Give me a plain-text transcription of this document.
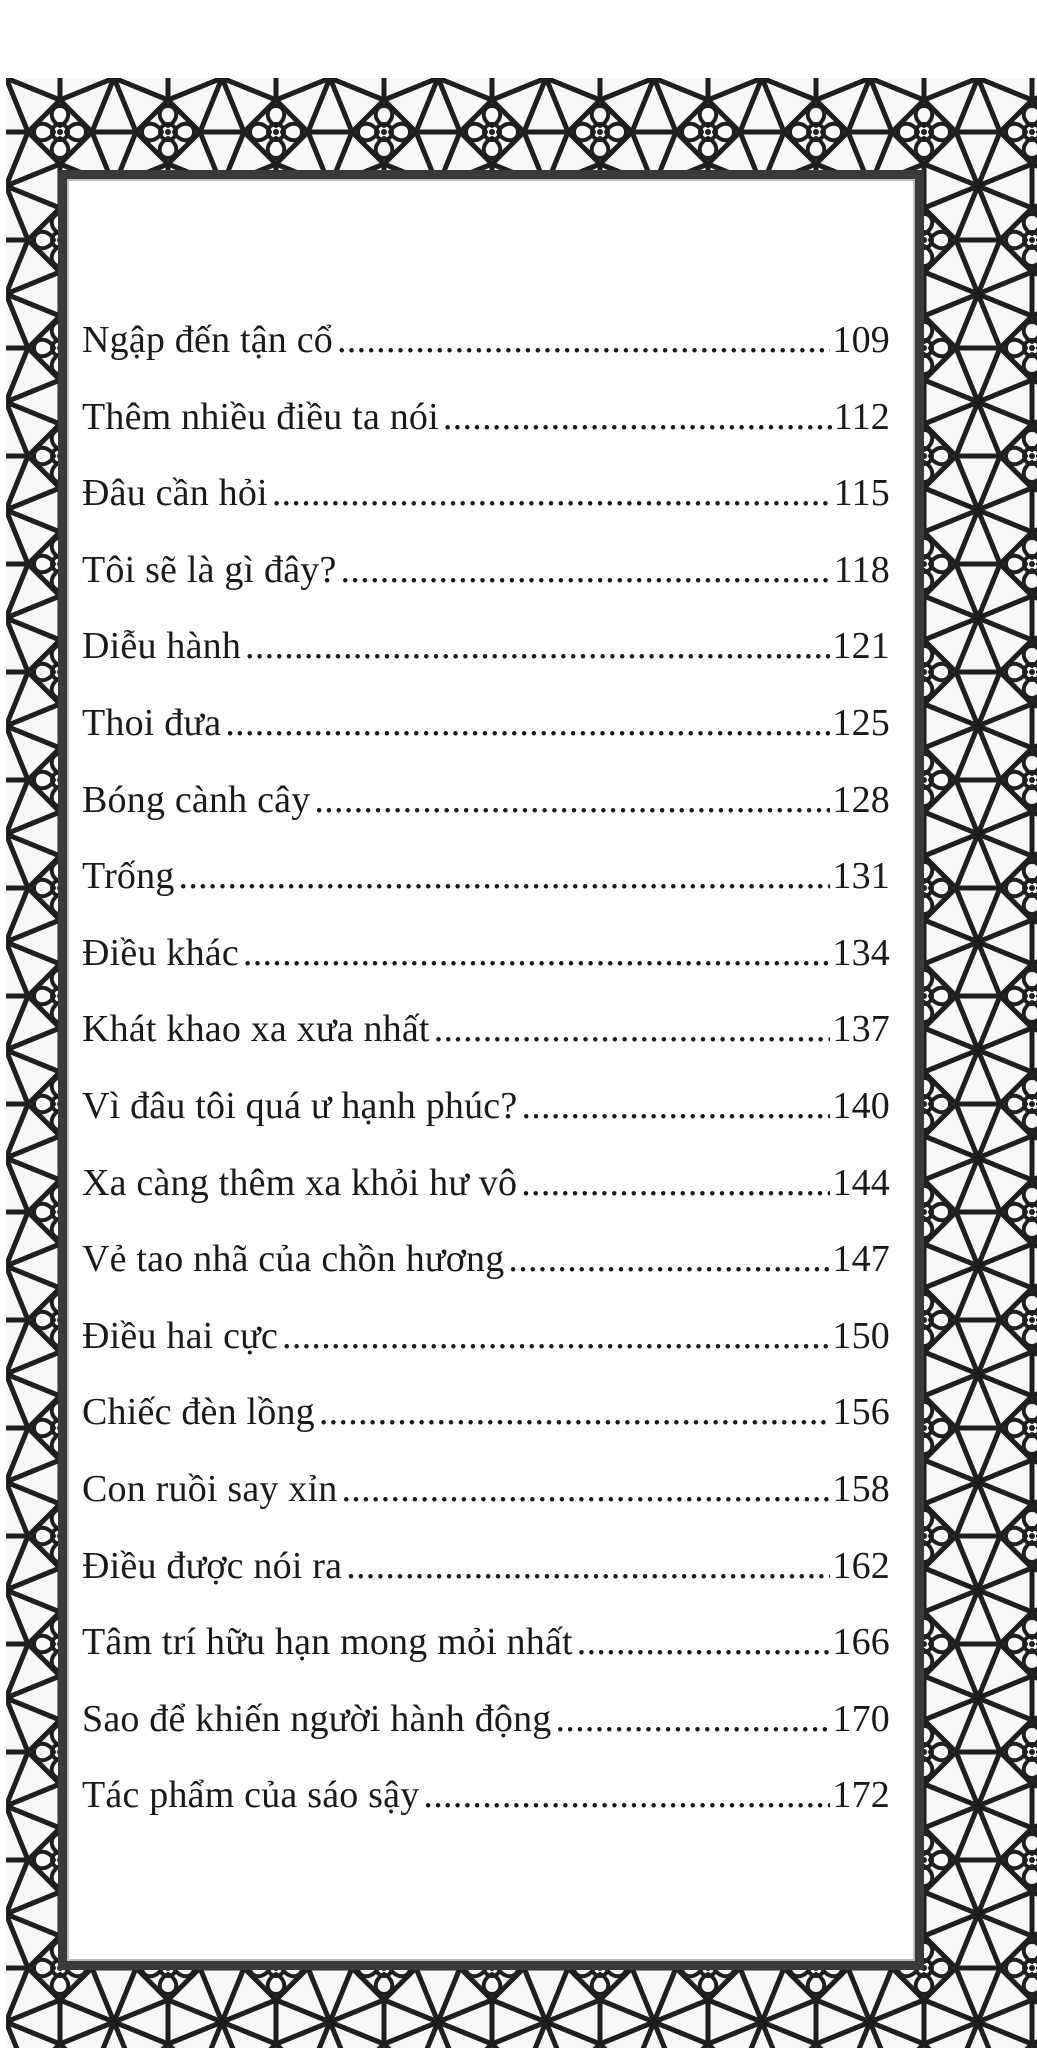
Ngập đến tận cổ . . .	109
Thêm nhiều điều ta nói . . .	112
Đâu cần hỏi . . .	115
Tôi sẽ là gì đây? . . .	118
Diễu hành . . .	121
Thoi đưa . . .	125
Bóng cành cây . . .	128
Trống . . .	131
Điều khác . . .	134
Khát khao xa xưa nhất . . .	137
Vì đâu tôi quá ư hạnh phúc? . . .	140
Xa càng thêm xa khỏi hư vô . . .	144
Vẻ tao nhã của chồn hương . . .	147
Điều hai cực . . .	150
Chiếc đèn lồng . . .	156
Con ruồi say xỉn . . .	158
Điều được nói ra . . .	162
Tâm trí hữu hạn mong mỏi nhất . . .	166
Sao để khiến người hành động . . .	170
Tác phẩm của sáo sậy . . .	172
